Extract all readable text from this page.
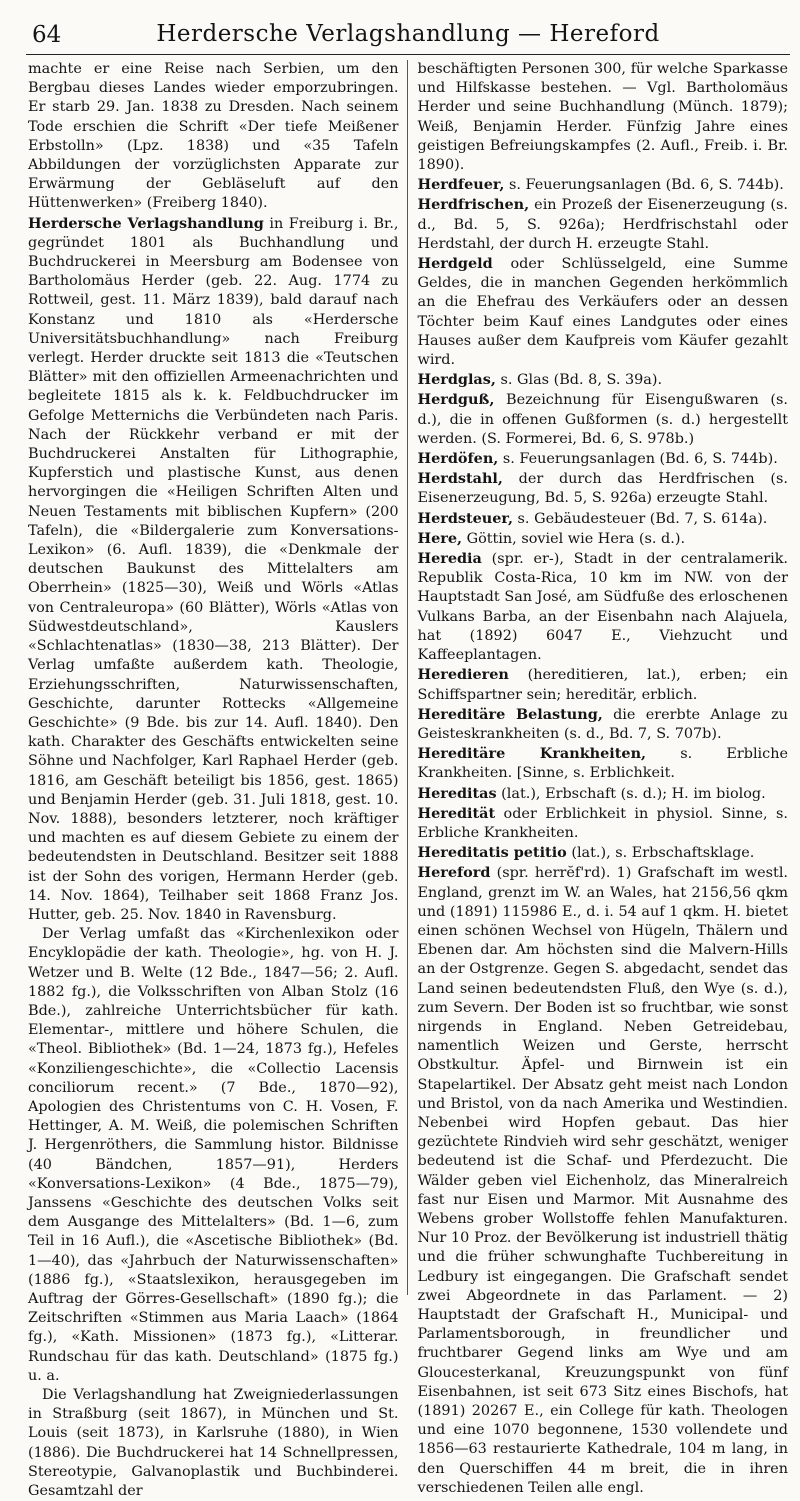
64	Herdersche Verlagshandlung — Hereford

machte er eine Reise nach Serbien, um den Bergbau dieses Landes wieder emporzubringen. Er starb 29. Jan. 1838 zu Dresden. Nach seinem Tode erschien die Schrift «Der tiefe Meißener Erbstolln» (Lpz. 1838) und «35 Tafeln Abbildungen der vorzüglichsten Apparate zur Erwärmung der Gebläseluft auf den Hüttenwerken» (Freiberg 1840).

Herdersche Verlagshandlung in Freiburg i. Br., gegründet 1801 als Buchhandlung und Buchdruckerei in Meersburg am Bodensee von Bartholomäus Herder (geb. 22. Aug. 1774 zu Rottweil, gest. 11. März 1839), bald darauf nach Konstanz und 1810 als «Herdersche Universitätsbuchhandlung» nach Freiburg verlegt. Herder druckte seit 1813 die «Teutschen Blätter» mit den offiziellen Armeenachrichten und begleitete 1815 als k. k. Feldbuchdrucker im Gefolge Metternichs die Verbündeten nach Paris. Nach der Rückkehr verband er mit der Buchdruckerei Anstalten für Lithographie, Kupferstich und plastische Kunst, aus denen hervorgingen die «Heiligen Schriften Alten und Neuen Testaments mit biblischen Kupfern» (200 Tafeln), die «Bildergalerie zum Konversations-Lexikon» (6. Aufl. 1839), die «Denkmale der deutschen Baukunst des Mittelalters am Oberrhein» (1825—30), Weiß und Wörls «Atlas von Centraleuropa» (60 Blätter), Wörls «Atlas von Südwestdeutschland», Kauslers «Schlachtenatlas» (1830—38, 213 Blätter). Der Verlag umfaßte außerdem kath. Theologie, Erziehungsschriften, Naturwissenschaften, Geschichte, darunter Rottecks «Allgemeine Geschichte» (9 Bde. bis zur 14. Aufl. 1840). Den kath. Charakter des Geschäfts entwickelten seine Söhne und Nachfolger, Karl Raphael Herder (geb. 1816, am Geschäft beteiligt bis 1856, gest. 1865) und Benjamin Herder (geb. 31. Juli 1818, gest. 10. Nov. 1888), besonders letzterer, noch kräftiger und machten es auf diesem Gebiete zu einem der bedeutendsten in Deutschland. Besitzer seit 1888 ist der Sohn des vorigen, Hermann Herder (geb. 14. Nov. 1864), Teilhaber seit 1868 Franz Jos. Hutter, geb. 25. Nov. 1840 in Ravensburg.

Der Verlag umfaßt das «Kirchenlexikon oder Encyklopädie der kath. Theologie», hg. von H. J. Wetzer und B. Welte (12 Bde., 1847—56; 2. Aufl. 1882 fg.), die Volksschriften von Alban Stolz (16 Bde.), zahlreiche Unterrichtsbücher für kath. Elementar-, mittlere und höhere Schulen, die «Theol. Bibliothek» (Bd. 1—24, 1873 fg.), Hefeles «Konziliengeschichte», die «Collectio Lacensis conciliorum recent.» (7 Bde., 1870—92), Apologien des Christentums von C. H. Vosen, F. Hettinger, A. M. Weiß, die polemischen Schriften J. Hergenröthers, die Sammlung histor. Bildnisse (40 Bändchen, 1857—91), Herders «Konversations-Lexikon» (4 Bde., 1875—79), Janssens «Geschichte des deutschen Volks seit dem Ausgange des Mittelalters» (Bd. 1—6, zum Teil in 16 Aufl.), die «Ascetische Bibliothek» (Bd. 1—40), das «Jahrbuch der Naturwissenschaften» (1886 fg.), «Staatslexikon, herausgegeben im Auftrag der Görres-Gesellschaft» (1890 fg.); die Zeitschriften «Stimmen aus Maria Laach» (1864 fg.), «Kath. Missionen» (1873 fg.), «Litterar. Rundschau für das kath. Deutschland» (1875 fg.) u. a.

Die Verlagshandlung hat Zweigniederlassungen in Straßburg (seit 1867), in München und St. Louis (seit 1873), in Karlsruhe (1880), in Wien (1886). Die Buchdruckerei hat 14 Schnellpressen, Stereotypie, Galvanoplastik und Buchbinderei. Gesamtzahl der

beschäftigten Personen 300, für welche Sparkasse und Hilfskasse bestehen. — Vgl. Bartholomäus Herder und seine Buchhandlung (Münch. 1879); Weiß, Benjamin Herder. Fünfzig Jahre eines geistigen Befreiungskampfes (2. Aufl., Freib. i. Br. 1890).

Herdfeuer, s. Feuerungsanlagen (Bd. 6, S. 744b).

Herdfrischen, ein Prozeß der Eisenerzeugung (s. d., Bd. 5, S. 926a); Herdfrischstahl oder Herdstahl, der durch H. erzeugte Stahl.

Herdgeld oder Schlüsselgeld, eine Summe Geldes, die in manchen Gegenden herkömmlich an die Ehefrau des Verkäufers oder an dessen Töchter beim Kauf eines Landgutes oder eines Hauses außer dem Kaufpreis vom Käufer gezahlt wird.

Herdglas, s. Glas (Bd. 8, S. 39a).

Herdguß, Bezeichnung für Eisengußwaren (s. d.), die in offenen Gußformen (s. d.) hergestellt werden. (S. Formerei, Bd. 6, S. 978b.)

Herdöfen, s. Feuerungsanlagen (Bd. 6, S. 744b).

Herdstahl, der durch das Herdfrischen (s. Eisenerzeugung, Bd. 5, S. 926a) erzeugte Stahl.

Herdsteuer, s. Gebäudesteuer (Bd. 7, S. 614a).

Here, Göttin, soviel wie Hera (s. d.).

Heredia (spr. er-), Stadt in der centralamerik. Republik Costa-Rica, 10 km im NW. von der Hauptstadt San José, am Südfuße des erloschenen Vulkans Barba, an der Eisenbahn nach Alajuela, hat (1892) 6047 E., Viehzucht und Kaffeeplantagen.

Heredieren (hereditieren, lat.), erben; ein Schiffspartner sein; hereditär, erblich.

Hereditäre Belastung, die ererbte Anlage zu Geisteskrankheiten (s. d., Bd. 7, S. 707b).

Hereditäre Krankheiten, s. Erbliche Krankheiten. [Sinne, s. Erblichkeit.

Hereditas (lat.), Erbschaft (s. d.); H. im biolog.

Heredität oder Erblichkeit in physiol. Sinne, s. Erbliche Krankheiten.

Hereditatis petitio (lat.), s. Erbschaftsklage.

Hereford (spr. herrĕf'rd). 1) Grafschaft im westl. England, grenzt im W. an Wales, hat 2156,56 qkm und (1891) 115986 E., d. i. 54 auf 1 qkm. H. bietet einen schönen Wechsel von Hügeln, Thälern und Ebenen dar. Am höchsten sind die Malvern-Hills an der Ostgrenze. Gegen S. abgedacht, sendet das Land seinen bedeutendsten Fluß, den Wye (s. d.), zum Severn. Der Boden ist so fruchtbar, wie sonst nirgends in England. Neben Getreidebau, namentlich Weizen und Gerste, herrscht Obstkultur. Äpfel- und Birnwein ist ein Stapelartikel. Der Absatz geht meist nach London und Bristol, von da nach Amerika und Westindien. Nebenbei wird Hopfen gebaut. Das hier gezüchtete Rindvieh wird sehr geschätzt, weniger bedeutend ist die Schaf- und Pferdezucht. Die Wälder geben viel Eichenholz, das Mineralreich fast nur Eisen und Marmor. Mit Ausnahme des Webens grober Wollstoffe fehlen Manufakturen. Nur 10 Proz. der Bevölkerung ist industriell thätig und die früher schwunghafte Tuchbereitung in Ledbury ist eingegangen. Die Grafschaft sendet zwei Abgeordnete in das Parlament. — 2) Hauptstadt der Grafschaft H., Municipal- und Parlamentsborough, in freundlicher und fruchtbarer Gegend links am Wye und am Gloucesterkanal, Kreuzungspunkt von fünf Eisenbahnen, ist seit 673 Sitz eines Bischofs, hat (1891) 20267 E., ein College für kath. Theologen und eine 1070 begonnene, 1530 vollendete und 1856—63 restaurierte Kathedrale, 104 m lang, in den Querschiffen 44 m breit, die in ihren verschiedenen Teilen alle engl.
